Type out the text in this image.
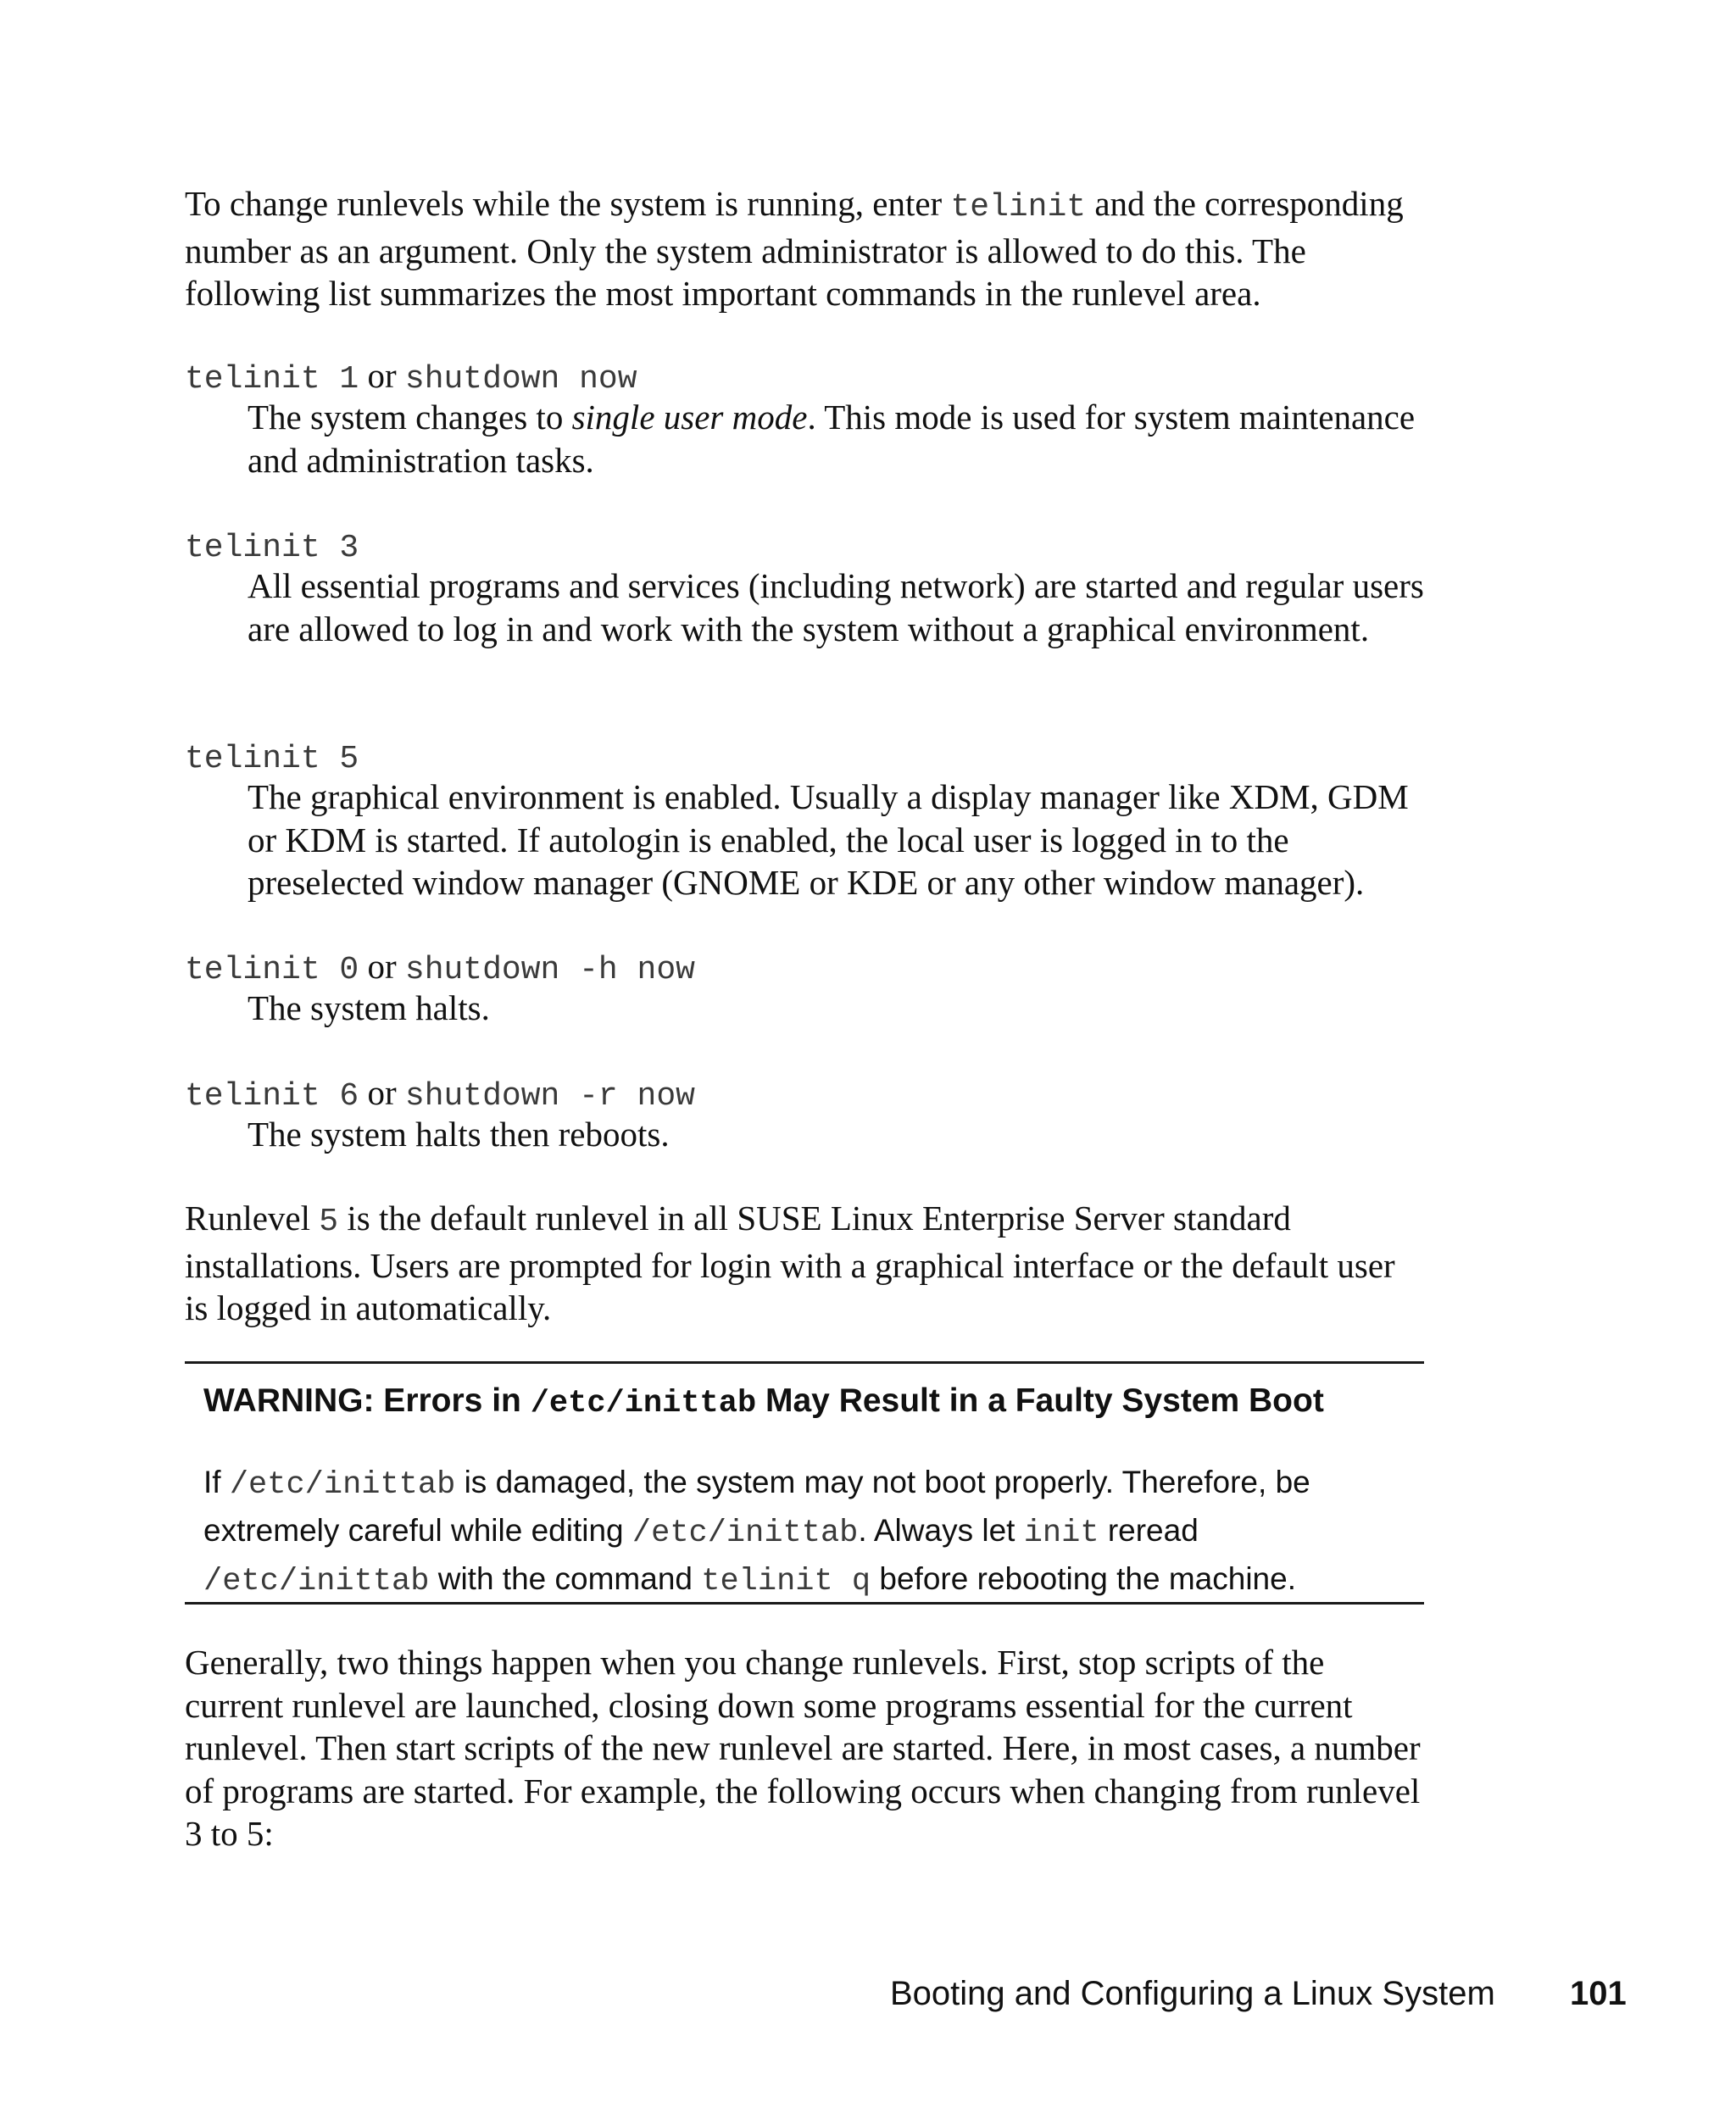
To change runlevels while the system is running, enter telinit and the corresponding number as an argument. Only the system administrator is allowed to do this. The following list summarizes the most important commands in the runlevel area.

telinit 1 or shutdown now

The system changes to single user mode. This mode is used for system maintenance and administration tasks.

telinit 3

All essential programs and services (including network) are started and regular users are allowed to log in and work with the system without a graphical environment.

telinit 5

The graphical environment is enabled. Usually a display manager like XDM, GDM or KDM is started. If autologin is enabled, the local user is logged in to the preselected window manager (GNOME or KDE or any other window manager).

telinit 0 or shutdown -h now

The system halts.

telinit 6 or shutdown -r now

The system halts then reboots.

Runlevel 5 is the default runlevel in all SUSE Linux Enterprise Server standard installations. Users are prompted for login with a graphical interface or the default user is logged in automatically.

WARNING: Errors in /etc/inittab May Result in a Faulty System Boot

If /etc/inittab is damaged, the system may not boot properly. Therefore, be extremely careful while editing /etc/inittab. Always let init reread /etc/inittab with the command telinit q before rebooting the machine.

Generally, two things happen when you change runlevels. First, stop scripts of the current runlevel are launched, closing down some programs essential for the current runlevel. Then start scripts of the new runlevel are started. Here, in most cases, a number of programs are started. For example, the following occurs when changing from runlevel 3 to 5:

Booting and Configuring a Linux System 101
